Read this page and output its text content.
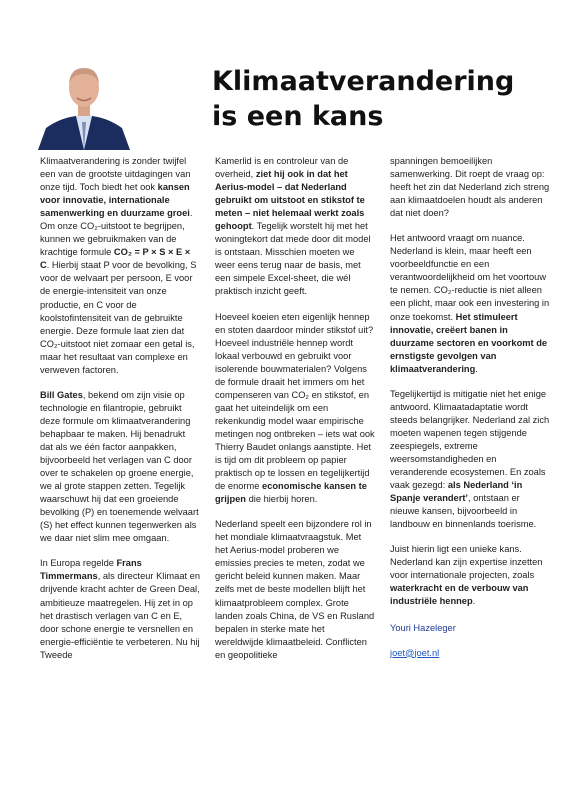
Klimaatverandering is een kans

Klimaatverandering is zonder twijfel een van de grootste uitdagingen van onze tijd. Toch biedt het ook kansen voor innovatie, internationale samenwerking en duurzame groei. Om onze CO₂-uitstoot te begrijpen, kunnen we gebruikmaken van de krachtige formule CO₂ = P × S × E × C. Hierbij staat P voor de bevolking, S voor de welvaart per persoon, E voor de energie-intensiteit van onze productie, en C voor de koolstofintensiteit van de gebruikte energie. Deze formule laat zien dat CO₂-uitstoot niet zomaar een getal is, maar het resultaat van complexe en verweven factoren.

Bill Gates, bekend om zijn visie op technologie en filantropie, gebruikt deze formule om klimaatverandering behapbaar te maken. Hij benadrukt dat als we één factor aanpakken, bijvoorbeeld het verlagen van C door over te schakelen op groene energie, we al grote stappen zetten. Tegelijk waarschuwt hij dat een groeiende bevolking (P) en toenemende welvaart (S) het effect kunnen tegenwerken als we daar niet slim mee omgaan.

In Europa regelde Frans Timmermans, als directeur Klimaat en drijvende kracht achter de Green Deal, ambitieuze maatregelen. Hij zet in op het drastisch verlagen van C en E, door schone energie te versnellen en energie-efficiëntie te verbeteren. Nu hij Tweede

Kamerlid is en controleur van de overheid, ziet hij ook in dat het Aerius-model – dat Nederland gebruikt om uitstoot en stikstof te meten – niet helemaal werkt zoals gehoopt. Tegelijk worstelt hij met het woningtekort dat mede door dit model is ontstaan. Misschien moeten we weer eens terug naar de basis, met een simpele Excel-sheet, die wél praktisch inzicht geeft.

Hoeveel koeien eten eigenlijk hennep en stoten daardoor minder stikstof uit? Hoeveel industriële hennep wordt lokaal verbouwd en gebruikt voor isolerende bouwmaterialen? Volgens de formule draait het immers om het compenseren van CO₂ en stikstof, en gaat het uiteindelijk om een rekenkundig model waar empirische metingen nog ontbreken – iets wat ook Thierry Baudet onlangs aanstipte. Het is tijd om dit probleem op papier praktisch op te lossen en tegelijkertijd de enorme economische kansen te grijpen die hierbij horen.

Nederland speelt een bijzondere rol in het mondiale klimaatvraagstuk. Met het Aerius-model proberen we emissies precies te meten, zodat we gericht beleid kunnen maken. Maar zelfs met de beste modellen blijft het klimaatprobleem complex. Grote landen zoals China, de VS en Rusland bepalen in sterke mate het wereldwijde klimaatbeleid. Conflicten en geopolitieke

spanningen bemoeilijken samenwerking. Dit roept de vraag op: heeft het zin dat Nederland zich streng aan klimaatdoelen houdt als anderen dat niet doen?

Het antwoord vraagt om nuance. Nederland is klein, maar heeft een voorbeeldfunctie en een verantwoordelijkheid om het voortouw te nemen. CO₂-reductie is niet alleen een plicht, maar ook een investering in onze toekomst. Het stimuleert innovatie, creëert banen in duurzame sectoren en voorkomt de ernstigste gevolgen van klimaatverandering.

Tegelijkertijd is mitigatie niet het enige antwoord. Klimaatadaptatie wordt steeds belangrijker. Nederland zal zich moeten wapenen tegen stijgende zeespiegels, extreme weersomstandigheden en veranderende ecosystemen. En zoals vaak gezegd: als Nederland ‘in Spanje verandert’, ontstaan er nieuwe kansen, bijvoorbeeld in landbouw en binnenlands toerisme.

Juist hierin ligt een unieke kans. Nederland kan zijn expertise inzetten voor internationale projecten, zoals waterkracht en de verbouw van industriële hennep.

Youri Hazeleger

joet@joet.nl
